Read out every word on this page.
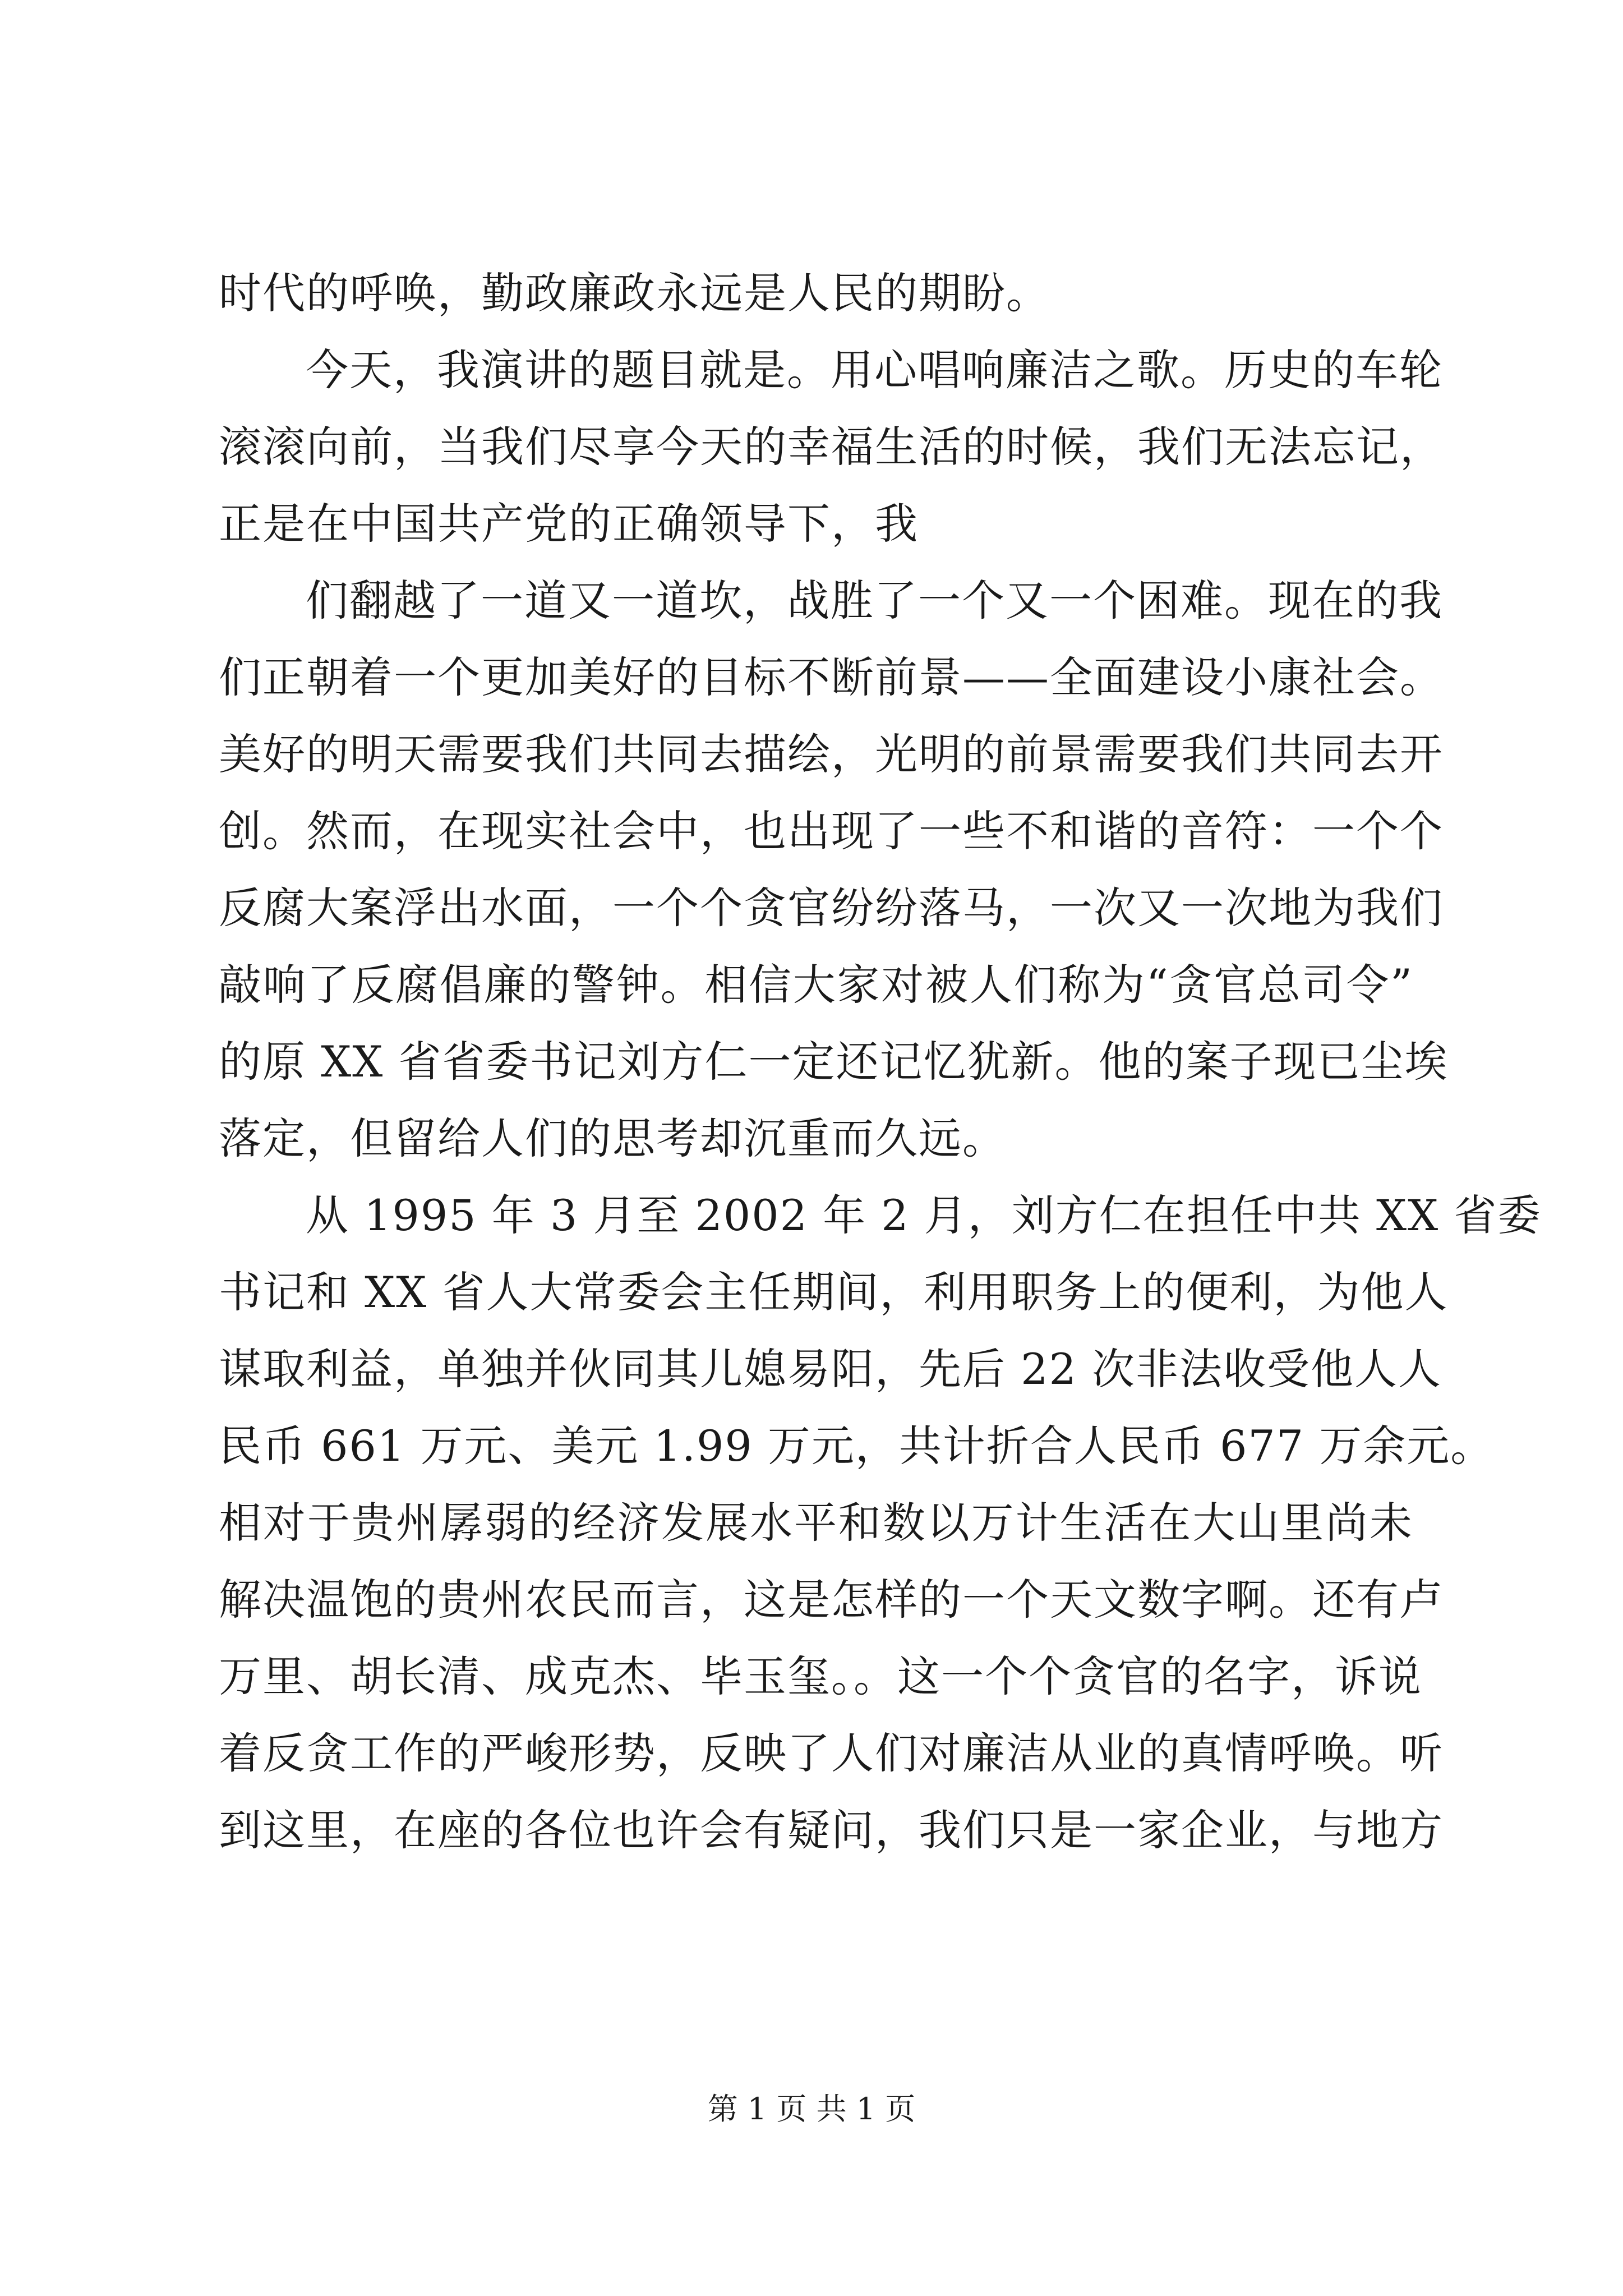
时代的呼唤，勤政廉政永远是人民的期盼。
今天，我演讲的题目就是。用心唱响廉洁之歌。历史的车轮
滚滚向前，当我们尽享今天的幸福生活的时候，我们无法忘记，
正是在中国共产党的正确领导下，我
们翻越了一道又一道坎，战胜了一个又一个困难。现在的我
们正朝着一个更加美好的目标不断前景——全面建设小康社会。
美好的明天需要我们共同去描绘，光明的前景需要我们共同去开
创。然而，在现实社会中，也出现了一些不和谐的音符：一个个
反腐大案浮出水面，一个个贪官纷纷落马，一次又一次地为我们
敲响了反腐倡廉的警钟。相信大家对被人们称为“贪官总司令”
的原 XX 省省委书记刘方仁一定还记忆犹新。他的案子现已尘埃
落定，但留给人们的思考却沉重而久远。
从 1995 年 3 月至 2002 年 2 月，刘方仁在担任中共 XX 省委
书记和 XX 省人大常委会主任期间，利用职务上的便利，为他人
谋取利益，单独并伙同其儿媳易阳，先后 22 次非法收受他人人
民币 661 万元、美元 1.99 万元，共计折合人民币 677 万余元。
相对于贵州孱弱的经济发展水平和数以万计生活在大山里尚未
解决温饱的贵州农民而言，这是怎样的一个天文数字啊。还有卢
万里、胡长清、成克杰、毕玉玺。。这一个个贪官的名字，诉说
着反贪工作的严峻形势，反映了人们对廉洁从业的真情呼唤。听
到这里，在座的各位也许会有疑问，我们只是一家企业，与地方
第 1 页 共 1 页
